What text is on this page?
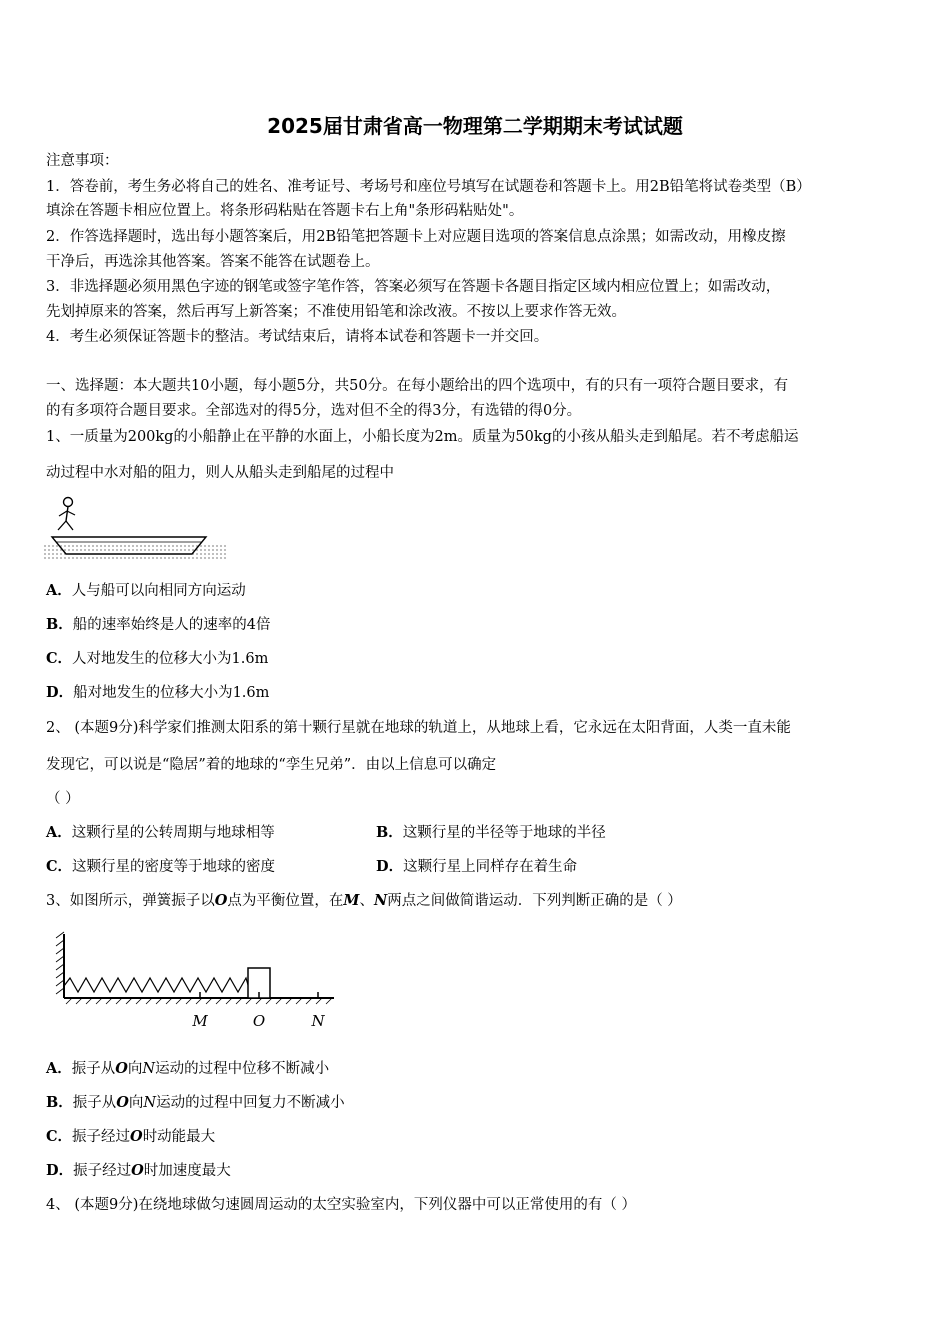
2025届甘肃省高一物理第二学期期末考试试题
注意事项：
1．答卷前，考生务必将自己的姓名、准考证号、考场号和座位号填写在试题卷和答题卡上。用2B铅笔将试卷类型（B）
填涂在答题卡相应位置上。将条形码粘贴在答题卡右上角"条形码粘贴处"。
2．作答选择题时，选出每小题答案后，用2B铅笔把答题卡上对应题目选项的答案信息点涂黑；如需改动，用橡皮擦
干净后，再选涂其他答案。答案不能答在试题卷上。
3．非选择题必须用黑色字迹的钢笔或签字笔作答，答案必须写在答题卡各题目指定区域内相应位置上；如需改动，
先划掉原来的答案，然后再写上新答案；不准使用铅笔和涂改液。不按以上要求作答无效。
4．考生必须保证答题卡的整洁。考试结束后，请将本试卷和答题卡一并交回。
一、选择题：本大题共10小题，每小题5分，共50分。在每小题给出的四个选项中，有的只有一项符合题目要求，有
的有多项符合题目要求。全部选对的得5分，选对但不全的得3分，有选错的得0分。
1、一质量为200kg的小船静止在平静的水面上，小船长度为2m。质量为50kg的小孩从船头走到船尾。若不考虑船运
动过程中水对船的阻力，则人从船头走到船尾的过程中
A．人与船可以向相同方向运动
B．船的速率始终是人的速率的4倍
C．人对地发生的位移大小为1.6m
D．船对地发生的位移大小为1.6m
2、 (本题9分)科学家们推测太阳系的第十颗行星就在地球的轨道上，从地球上看，它永远在太阳背面，人类一直未能
发现它，可以说是“隐居”着的地球的“孪生兄弟”．由以上信息可以确定
（ ）
A．这颗行星的公转周期与地球相等	B．这颗行星的半径等于地球的半径
C．这颗行星的密度等于地球的密度	D．这颗行星上同样存在着生命
3、如图所示，弹簧振子以O点为平衡位置，在M、N两点之间做简谐运动．下列判断正确的是（ ）
M	O	N
A．振子从O向N运动的过程中位移不断减小
B．振子从O向N运动的过程中回复力不断减小
C．振子经过O时动能最大
D．振子经过O时加速度最大
4、 (本题9分)在绕地球做匀速圆周运动的太空实验室内，下列仪器中可以正常使用的有（ ）
